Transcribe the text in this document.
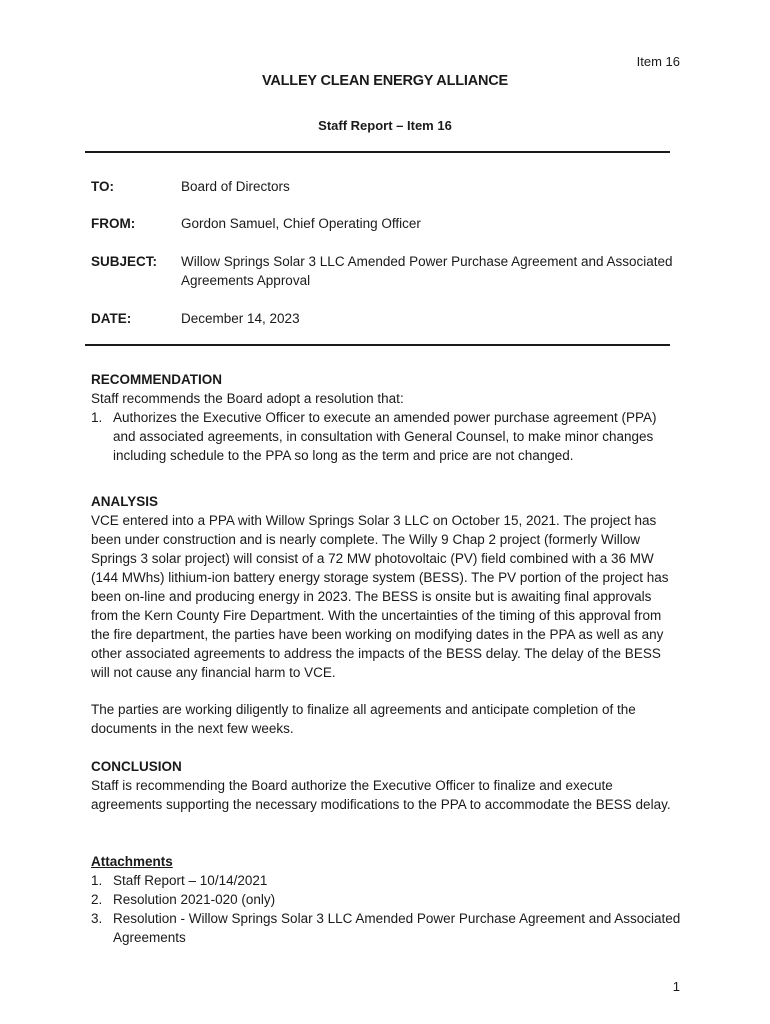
Item 16
VALLEY CLEAN ENERGY ALLIANCE
Staff Report – Item 16
TO:	Board of Directors
FROM:	Gordon Samuel, Chief Operating Officer
SUBJECT:	Willow Springs Solar 3 LLC Amended Power Purchase Agreement and Associated Agreements Approval
DATE:	December 14, 2023
RECOMMENDATION

Staff recommends the Board adopt a resolution that:

1. Authorizes the Executive Officer to execute an amended power purchase agreement (PPA) and associated agreements, in consultation with General Counsel, to make minor changes including schedule to the PPA so long as the term and price are not changed.
ANALYSIS

VCE entered into a PPA with Willow Springs Solar 3 LLC on October 15, 2021. The project has been under construction and is nearly complete. The Willy 9 Chap 2 project (formerly Willow Springs 3 solar project) will consist of a 72 MW photovoltaic (PV) field combined with a 36 MW (144 MWhs) lithium-ion battery energy storage system (BESS). The PV portion of the project has been on-line and producing energy in 2023. The BESS is onsite but is awaiting final approvals from the Kern County Fire Department. With the uncertainties of the timing of this approval from the fire department, the parties have been working on modifying dates in the PPA as well as any other associated agreements to address the impacts of the BESS delay. The delay of the BESS will not cause any financial harm to VCE.

The parties are working diligently to finalize all agreements and anticipate completion of the documents in the next few weeks.

CONCLUSION

Staff is recommending the Board authorize the Executive Officer to finalize and execute agreements supporting the necessary modifications to the PPA to accommodate the BESS delay.

Attachments
1. Staff Report – 10/14/2021
2. Resolution 2021-020 (only)
3. Resolution - Willow Springs Solar 3 LLC Amended Power Purchase Agreement and Associated Agreements
1
